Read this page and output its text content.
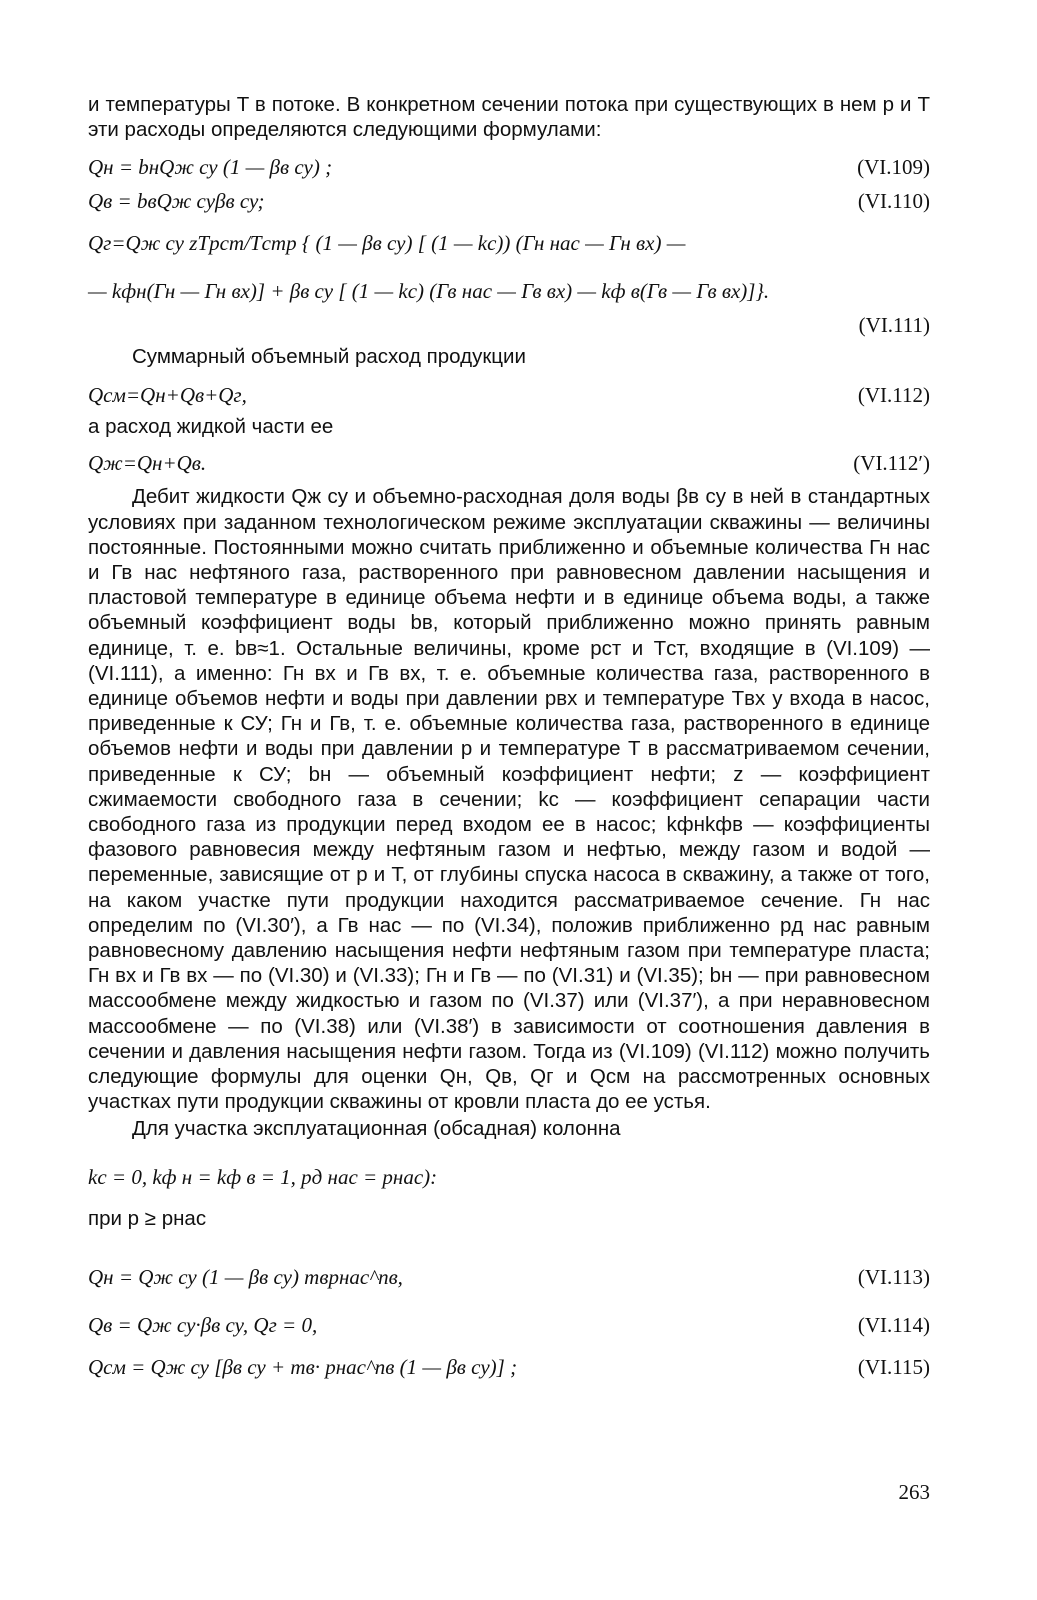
и температуры T в потоке. В конкретном сечении потока при существующих в нем p и T эти расходы определяются следующими формулами:

Qн = bнQж су (1 — βв су) ;	(VI.109)
Qв = bвQж суβв су;	(VI.110)
Qг=Qж су zTpст/Tстp { (1 — βв су) [ (1 — kc)) (Гн нас — Гн вх) —
— kфн(Гн — Гн вх)] + βв су [ (1 — kc) (Гв нас — Гв вх) — kф в(Гв — Гв вх)]}.
(VI.111)
Суммарный объемный расход продукции
Qсм=Qн+Qв+Qг,	(VI.112)
а расход жидкой части ее
Qж=Qн+Qв.	(VI.112′)

Дебит жидкости Qж су и объемно-расходная доля воды βв су в ней в стандартных условиях при заданном технологическом режиме эксплуатации скважины — величины постоянные. Постоянными можно считать приближенно и объемные количества Гн нас и Гв нас нефтяного газа, растворенного при равновесном давлении насыщения и пластовой температуре в единице объема нефти и в единице объема воды, а также объемный коэффициент воды bв, который приближенно можно принять равным единице, т. е. bв≈1. Остальные величины, кроме pст и Tст, входящие в (VI.109) — (VI.111), а именно: Гн вх и Гв вх, т. е. объемные количества газа, растворенного в единице объемов нефти и воды при давлении pвх и температуре Tвх у входа в насос, приведенные к СУ; Гн и Гв, т. е. объемные количества газа, растворенного в единице объемов нефти и воды при давлении p и температуре T в рассматриваемом сечении, приведенные к СУ; bн — объемный коэффициент нефти; z — коэффициент сжимаемости свободного газа в сечении; kc — коэффициент сепарации части свободного газа из продукции перед входом ее в насос; kфнkфв — коэффициенты фазового равновесия между нефтяным газом и нефтью, между газом и водой — переменные, зависящие от p и T, от глубины спуска насоса в скважину, а также от того, на каком участке пути продукции находится рассматриваемое сечение. Гн нас определим по (VI.30′), а Гв нас — по (VI.34), положив приближенно pд нас равным равновесному давлению насыщения нефти нефтяным газом при температуре пласта; Гн вх и Гв вх — по (VI.30) и (VI.33); Гн и Гв — по (VI.31) и (VI.35); bн — при равновесном массообмене между жидкостью и газом по (VI.37) или (VI.37′), а при неравновесном массообмене — по (VI.38) или (VI.38′) в зависимости от соотношения давления в сечении и давления насыщения нефти газом. Тогда из (VI.109) (VI.112) можно получить следующие формулы для оценки Qн, Qв, Qг и Qсм на рассмотренных основных участках пути продукции скважины от кровли пласта до ее устья.

Для участка эксплуатационная (обсадная) колонна
kc = 0, kф н = kф в = 1, pд нас = pнас):
при p ≥ pнас
Qн = Qж су (1 — βв су) mвpнас^nв,	(VI.113)
Qв = Qж су·βв су, Qг = 0,	(VI.114)
Qсм = Qж су [βв су + mв· pнас^nв (1 — βв су)] ;	(VI.115)
263
